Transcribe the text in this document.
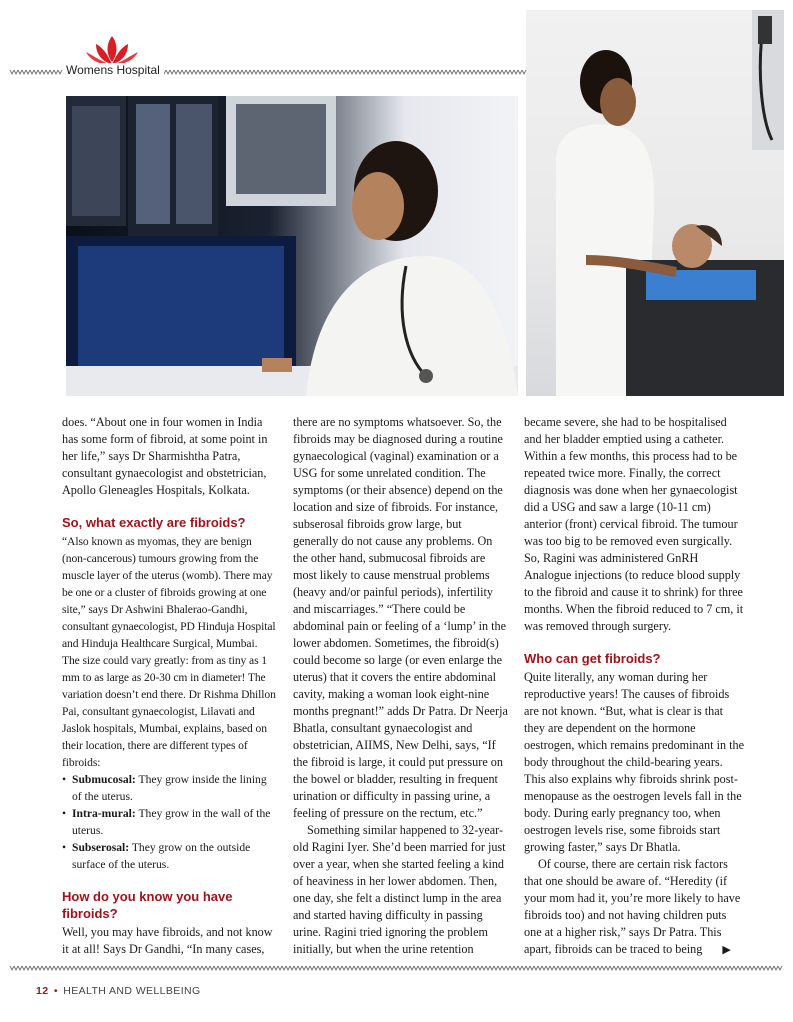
Womens Hospital

does. “About one in four women in India has some form of fibroid, at some point in her life,” says Dr Sharmishtha Patra, consultant gynaecologist and obstetrician, Apollo Gleneagles Hospitals, Kolkata.

So, what exactly are fibroids?

“Also known as myomas, they are benign (non-cancerous) tumours growing from the muscle layer of the uterus (womb). There may be one or a cluster of fibroids growing at one site,” says Dr Ashwini Bhalerao-Gandhi, consultant gynaecologist, PD Hinduja Hospital and Hinduja Healthcare Surgical, Mumbai. The size could vary greatly: from as tiny as 1 mm to as large as 20-30 cm in diameter! The variation doesn’t end there. Dr Rishma Dhillon Pai, consultant gynaecologist, Lilavati and Jaslok hospitals, Mumbai, explains, based on their location, there are different types of fibroids:

• Submucosal: They grow inside the lining of the uterus.

• Intra-mural: They grow in the wall of the uterus.

• Subserosal: They grow on the outside surface of the uterus.

How do you know you have fibroids?

Well, you may have fibroids, and not know it at all! Says Dr Gandhi, “In many cases,

there are no symptoms whatsoever. So, the fibroids may be diagnosed during a routine gynaecological (vaginal) examination or a USG for some unrelated condition. The symptoms (or their absence) depend on the location and size of fibroids. For instance, subserosal fibroids grow large, but generally do not cause any problems. On the other hand, submucosal fibroids are most likely to cause menstrual problems (heavy and/or painful periods), infertility and miscarriages.” “There could be abdominal pain or feeling of a ‘lump’ in the lower abdomen. Sometimes, the fibroid(s) could become so large (or even enlarge the uterus) that it covers the entire abdominal cavity, making a woman look eight-nine months pregnant!” adds Dr Patra. Dr Neerja Bhatla, consultant gynaecologist and obstetrician, AIIMS, New Delhi, says, “If the fibroid is large, it could put pressure on the bowel or bladder, resulting in frequent urination or difficulty in passing urine, a feeling of pressure on the rectum, etc.”

Something similar happened to 32-year-old Ragini Iyer. She’d been married for just over a year, when she started feeling a kind of heaviness in her lower abdomen. Then, one day, she felt a distinct lump in the area and started having difficulty in passing urine. Ragini tried ignoring the problem initially, but when the urine retention

became severe, she had to be hospitalised and her bladder emptied using a catheter. Within a few months, this process had to be repeated twice more. Finally, the correct diagnosis was done when her gynaecologist did a USG and saw a large (10-11 cm) anterior (front) cervical fibroid. The tumour was too big to be removed even surgically. So, Ragini was administered GnRH Analogue injections (to reduce blood supply to the fibroid and cause it to shrink) for three months. When the fibroid reduced to 7 cm, it was removed through surgery.

Who can get fibroids?

Quite literally, any woman during her reproductive years! The causes of fibroids are not known. “But, what is clear is that they are dependent on the hormone oestrogen, which remains predominant in the body throughout the child-bearing years. This also explains why fibroids shrink post-menopause as the oestrogen levels fall in the body. During early pregnancy too, when oestrogen levels rise, some fibroids start growing faster,” says Dr Bhatla.

Of course, there are certain risk factors that one should be aware of. “Heredity (if your mom had it, you’re more likely to have fibroids too) and not having children puts one at a higher risk,” says Dr Patra. This apart, fibroids can be traced to being ▶

12 • HEALTH AND WELLBEING
